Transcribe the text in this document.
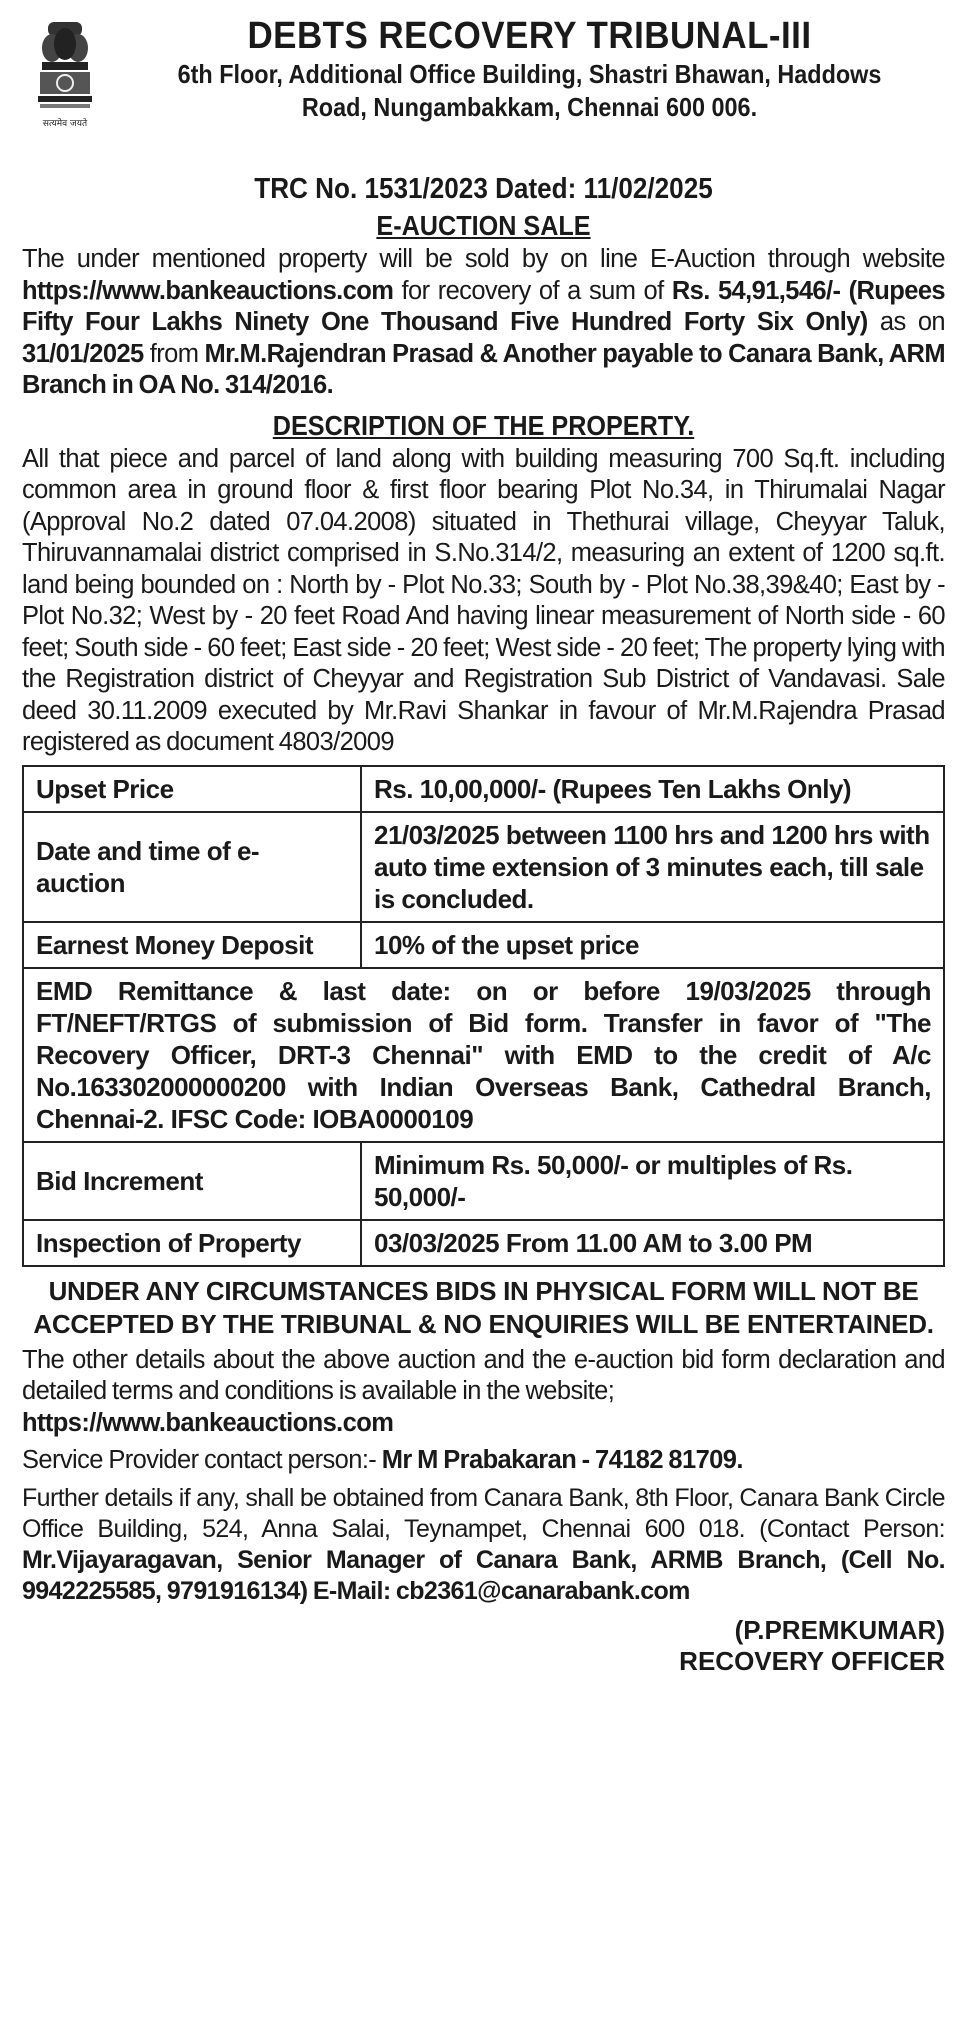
सत्यमेव जयते
DEBTS RECOVERY TRIBUNAL-III
6th Floor, Additional Office Building, Shastri Bhawan, Haddows
Road, Nungambakkam, Chennai 600 006.
TRC No. 1531/2023 Dated: 11/02/2025
E-AUCTION SALE
The under mentioned property will be sold by on line E-Auction through website https://www.bankeauctions.com for recovery of a sum of Rs. 54,91,546/- (Rupees Fifty Four Lakhs Ninety One Thousand Five Hundred Forty Six Only) as on 31/01/2025 from Mr.M.Rajendran Prasad & Another payable to Canara Bank, ARM Branch in OA No. 314/2016.
DESCRIPTION OF THE PROPERTY.
All that piece and parcel of land along with building measuring 700 Sq.ft. including common area in ground floor & first floor bearing Plot No.34, in Thirumalai Nagar (Approval No.2 dated 07.04.2008) situated in Thethurai village, Cheyyar Taluk, Thiruvannamalai district comprised in S.No.314/2, measuring an extent of 1200 sq.ft. land being bounded on : North by - Plot No.33; South by - Plot No.38,39&40; East by - Plot No.32; West by - 20 feet Road And having linear measurement of North side - 60 feet; South side - 60 feet; East side - 20 feet; West side - 20 feet; The property lying with the Registration district of Cheyyar and Registration Sub District of Vandavasi. Sale deed 30.11.2009 executed by Mr.Ravi Shankar in favour of Mr.M.Rajendra Prasad registered as document 4803/2009
Upset Price	Rs. 10,00,000/- (Rupees Ten Lakhs Only)
Date and time of e-auction	21/03/2025 between 1100 hrs and 1200 hrs with auto time extension of 3 minutes each, till sale is concluded.
Earnest Money Deposit	10% of the upset price
EMD Remittance & last date: on or before 19/03/2025 through FT/NEFT/RTGS of submission of Bid form. Transfer in favor of "The Recovery Officer, DRT-3 Chennai" with EMD to the credit of A/c No.163302000000200 with Indian Overseas Bank, Cathedral Branch, Chennai-2. IFSC Code: IOBA0000109	
Bid Increment	Minimum Rs. 50,000/- or multiples of Rs. 50,000/-
Inspection of Property	03/03/2025 From 11.00 AM to 3.00 PM
UNDER ANY CIRCUMSTANCES BIDS IN PHYSICAL FORM WILL NOT BE ACCEPTED BY THE TRIBUNAL & NO ENQUIRIES WILL BE ENTERTAINED.
The other details about the above auction and the e-auction bid form declaration and detailed terms and conditions is available in the website;
https://www.bankeauctions.com
Service Provider contact person:- Mr M Prabakaran - 74182 81709.
Further details if any, shall be obtained from Canara Bank, 8th Floor, Canara Bank Circle Office Building, 524, Anna Salai, Teynampet, Chennai 600 018. (Contact Person: Mr.Vijayaragavan, Senior Manager of Canara Bank, ARMB Branch, (Cell No. 9942225585, 9791916134) E-Mail: cb2361@canarabank.com
(P.PREMKUMAR)
RECOVERY OFFICER
